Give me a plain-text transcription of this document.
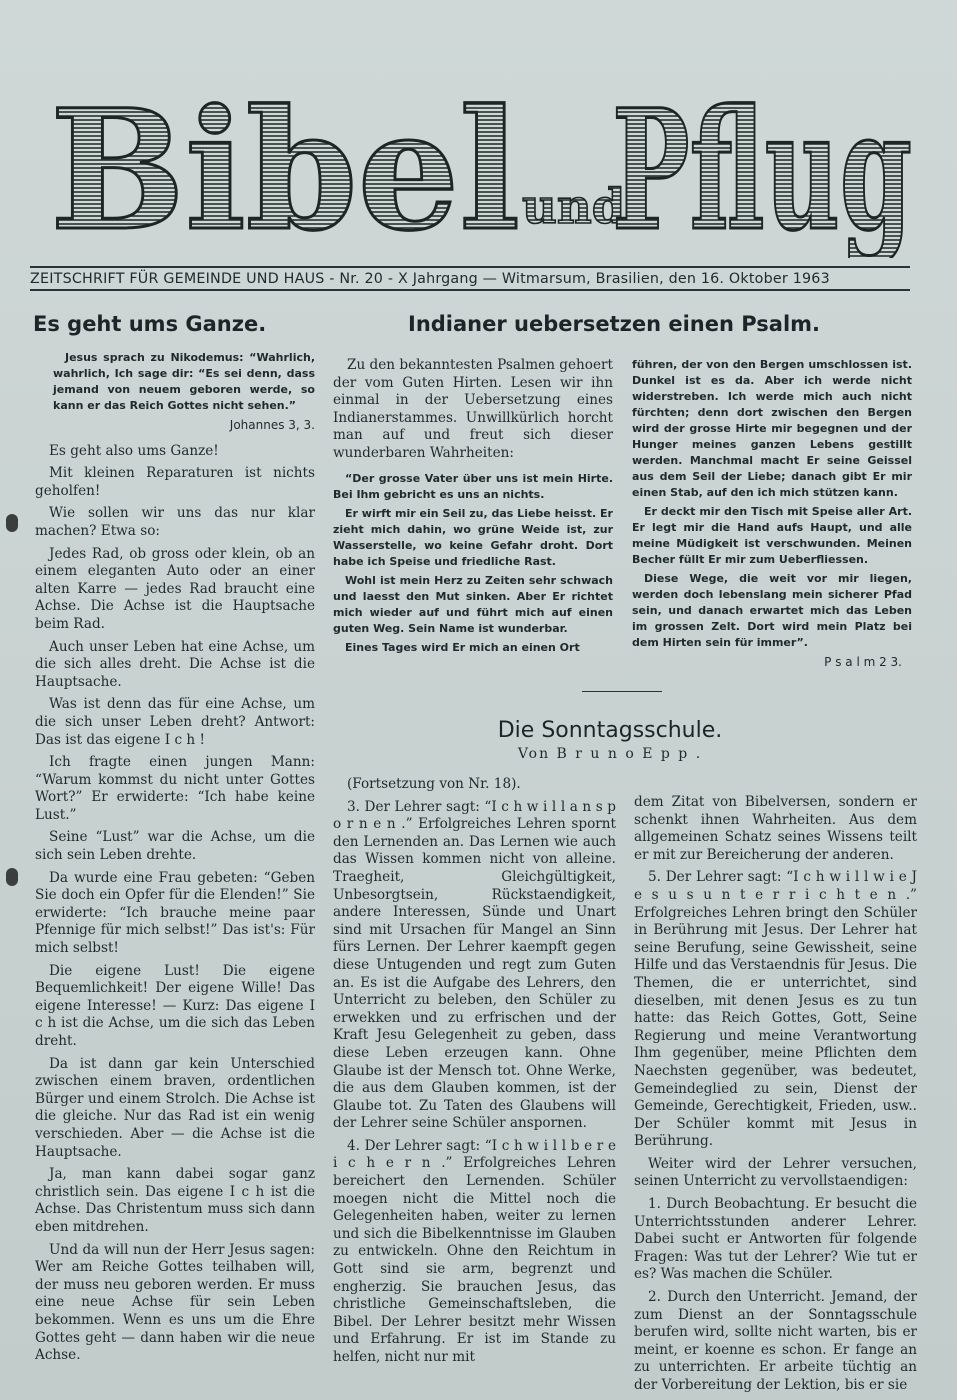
Bibel und
Pflug
ZEITSCHRIFT FÜR GEMEINDE UND HAUS - Nr. 20 - X Jahrgang — Witmarsum, Brasilien, den 16. Oktober 1963
Es geht ums Ganze.

Jesus sprach zu Nikodemus: “Wahrlich, wahrlich, Ich sage dir: “Es sei denn, dass jemand von neuem geboren werde, so kann er das Reich Gottes nicht sehen.”

Johannes 3, 3.

Es geht also ums Ganze!

Mit kleinen Reparaturen ist nichts geholfen!

Wie sollen wir uns das nur klar machen? Etwa so:

Jedes Rad, ob gross oder klein, ob an einem eleganten Auto oder an einer alten Karre — jedes Rad braucht eine Achse. Die Achse ist die Hauptsache beim Rad.

Auch unser Leben hat eine Achse, um die sich alles dreht. Die Achse ist die Hauptsache.

Was ist denn das für eine Achse, um die sich unser Leben dreht? Antwort: Das ist das eigene I c h !

Ich fragte einen jungen Mann: “Warum kommst du nicht unter Gottes Wort?” Er erwiderte: “Ich habe keine Lust.”

Seine “Lust” war die Achse, um die sich sein Leben drehte.

Da wurde eine Frau gebeten: “Geben Sie doch ein Opfer für die Elenden!” Sie erwiderte: “Ich brauche meine paar Pfennige für mich selbst!” Das ist's: Für mich selbst!

Die eigene Lust! Die eigene Bequemlichkeit! Der eigene Wille! Das eigene Interesse! — Kurz: Das eigene I c h ist die Achse, um die sich das Leben dreht.

Da ist dann gar kein Unterschied zwischen einem braven, ordentlichen Bürger und einem Strolch. Die Achse ist die gleiche. Nur das Rad ist ein wenig verschieden. Aber — die Achse ist die Hauptsache.

Ja, man kann dabei sogar ganz christlich sein. Das eigene I c h ist die Achse. Das Christentum muss sich dann eben mitdrehen.

Und da will nun der Herr Jesus sagen: Wer am Reiche Gottes teilhaben will, der muss neu geboren werden. Er muss eine neue Achse für sein Leben bekommen. Wenn es uns um die Ehre Gottes geht — dann haben wir die neue Achse.

Indianer uebersetzen einen Psalm.

Zu den bekanntesten Psalmen gehoert der vom Guten Hirten. Lesen wir ihn einmal in der Uebersetzung eines Indianerstammes. Unwillkürlich horcht man auf und freut sich dieser wunderbaren Wahrheiten:

“Der grosse Vater über uns ist mein Hirte. Bei Ihm gebricht es uns an nichts.

Er wirft mir ein Seil zu, das Liebe heisst. Er zieht mich dahin, wo grüne Weide ist, zur Wasserstelle, wo keine Gefahr droht. Dort habe ich Speise und friedliche Rast.

Wohl ist mein Herz zu Zeiten sehr schwach und laesst den Mut sinken. Aber Er richtet mich wieder auf und führt mich auf einen guten Weg. Sein Name ist wunderbar.

Eines Tages wird Er mich an einen Ort

führen, der von den Bergen umschlossen ist. Dunkel ist es da. Aber ich werde nicht widerstreben. Ich werde mich auch nicht fürchten; denn dort zwischen den Bergen wird der grosse Hirte mir begegnen und der Hunger meines ganzen Lebens gestillt werden. Manchmal macht Er seine Geissel aus dem Seil der Liebe; danach gibt Er mir einen Stab, auf den ich mich stützen kann.

Er deckt mir den Tisch mit Speise aller Art. Er legt mir die Hand aufs Haupt, und alle meine Müdigkeit ist verschwunden. Meinen Becher füllt Er mir zum Ueberfliessen.

Diese Wege, die weit vor mir liegen, werden doch lebenslang mein sicherer Pfad sein, und danach erwartet mich das Leben im grossen Zelt. Dort wird mein Platz bei dem Hirten sein für immer”.

P s a l m 2 3.
Die Sonntagsschule.
Von B r u n o E p p .

(Fortsetzung von Nr. 18).

3. Der Lehrer sagt: “I c h w i l l a n s p o r n e n .” Erfolgreiches Lehren spornt den Lernenden an. Das Lernen wie auch das Wissen kommen nicht von alleine. Traegheit, Gleichgültigkeit, Unbesorgtsein, Rückstaendigkeit, andere Interessen, Sünde und Unart sind mit Ursachen für Mangel an Sinn fürs Lernen. Der Lehrer kaempft gegen diese Untugenden und regt zum Guten an. Es ist die Aufgabe des Lehrers, den Unterricht zu beleben, den Schüler zu erwekken und zu erfrischen und der Kraft Jesu Gelegenheit zu geben, dass diese Leben erzeugen kann. Ohne Glaube ist der Mensch tot. Ohne Werke, die aus dem Glauben kommen, ist der Glaube tot. Zu Taten des Glaubens will der Lehrer seine Schüler anspornen.

4. Der Lehrer sagt: “I c h w i l l b e r e i c h e r n .” Erfolgreiches Lehren bereichert den Lernenden. Schüler moegen nicht die Mittel noch die Gelegenheiten haben, weiter zu lernen und sich die Bibelkenntnisse im Glauben zu entwickeln. Ohne den Reichtum in Gott sind sie arm, begrenzt und engherzig. Sie brauchen Jesus, das christliche Gemeinschaftsleben, die Bibel. Der Lehrer besitzt mehr Wissen und Erfahrung. Er ist im Stande zu helfen, nicht nur mit

dem Zitat von Bibelversen, sondern er schenkt ihnen Wahrheiten. Aus dem allgemeinen Schatz seines Wissens teilt er mit zur Bereicherung der anderen.

5. Der Lehrer sagt: “I c h w i l l w i e J e s u s u n t e r r i c h t e n .” Erfolgreiches Lehren bringt den Schüler in Berührung mit Jesus. Der Lehrer hat seine Berufung, seine Gewissheit, seine Hilfe und das Verstaendnis für Jesus. Die Themen, die er unterrichtet, sind dieselben, mit denen Jesus es zu tun hatte: das Reich Gottes, Gott, Seine Regierung und meine Verantwortung Ihm gegenüber, meine Pflichten dem Naechsten gegenüber, was bedeutet, Gemeindeglied zu sein, Dienst der Gemeinde, Gerechtigkeit, Frieden, usw.. Der Schüler kommt mit Jesus in Berührung.

Weiter wird der Lehrer versuchen, seinen Unterricht zu vervollstaendigen:

1. Durch Beobachtung. Er besucht die Unterrichtsstunden anderer Lehrer. Dabei sucht er Antworten für folgende Fragen: Was tut der Lehrer? Wie tut er es? Was machen die Schüler.

2. Durch den Unterricht. Jemand, der zum Dienst an der Sonntagsschule berufen wird, sollte nicht warten, bis er meint, er koenne es schon. Er fange an zu unterrichten. Er arbeite tüchtig an der Vorbereitung der Lektion, bis er sie
